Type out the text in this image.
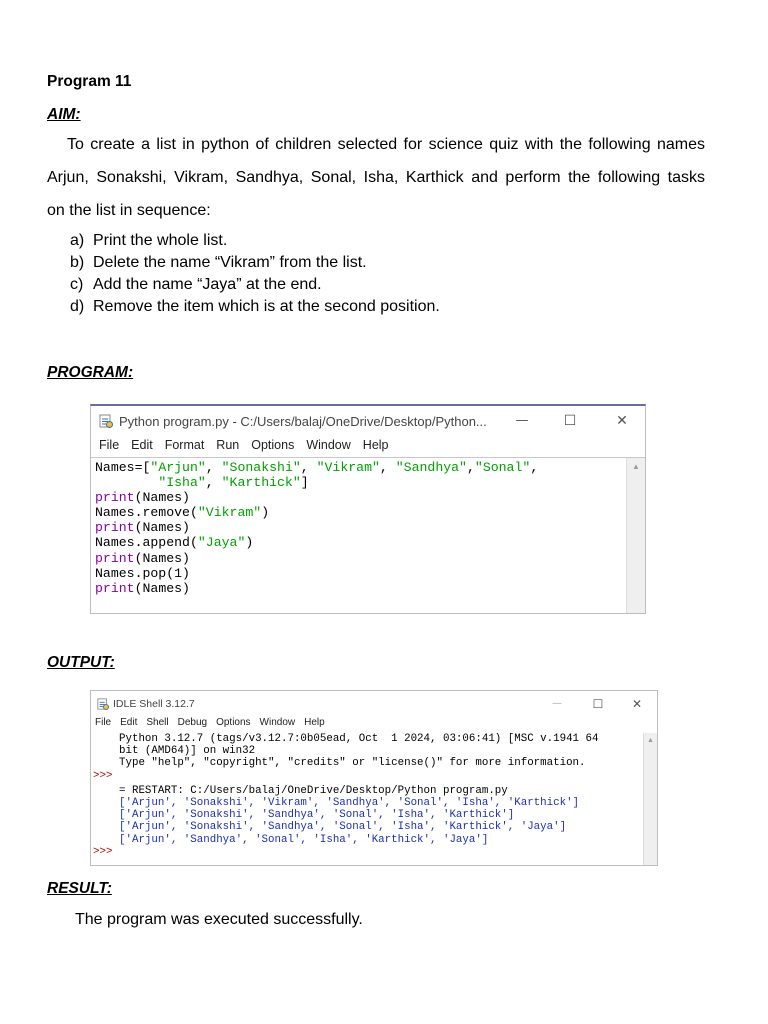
Program 11
AIM:
To create a list in python of children selected for science quiz with the following names
Arjun, Sonakshi, Vikram, Sandhya, Sonal, Isha, Karthick and perform the following tasks
on the list in sequence:
a) Print the whole list.
b) Delete the name “Vikram” from the list.
c) Add the name “Jaya” at the end.
d) Remove the item which is at the second position.
PROGRAM:
Python program.py - C:/Users/balaj/OneDrive/Desktop/Python...	—	☐	✕
File Edit Format Run Options Window Help
Names=["Arjun", "Sonakshi", "Vikram", "Sandhya","Sonal",
"Isha", "Karthick"]
print(Names)
Names.remove("Vikram")
print(Names)
Names.append("Jaya")
print(Names)
Names.pop(1)
print(Names)
▲
OUTPUT:
IDLE Shell 3.12.7	—	☐	✕
File Edit Shell Debug Options Window Help
Python 3.12.7 (tags/v3.12.7:0b05ead, Oct  1 2024, 03:06:41) [MSC v.1941 64
bit (AMD64)] on win32
Type "help", "copyright", "credits" or "license()" for more information.
>>>
= RESTART: C:/Users/balaj/OneDrive/Desktop/Python program.py
['Arjun', 'Sonakshi', 'Vikram', 'Sandhya', 'Sonal', 'Isha', 'Karthick']
['Arjun', 'Sonakshi', 'Sandhya', 'Sonal', 'Isha', 'Karthick']
['Arjun', 'Sonakshi', 'Sandhya', 'Sonal', 'Isha', 'Karthick', 'Jaya']
['Arjun', 'Sandhya', 'Sonal', 'Isha', 'Karthick', 'Jaya']
>>>
▲
RESULT:
The program was executed successfully.
